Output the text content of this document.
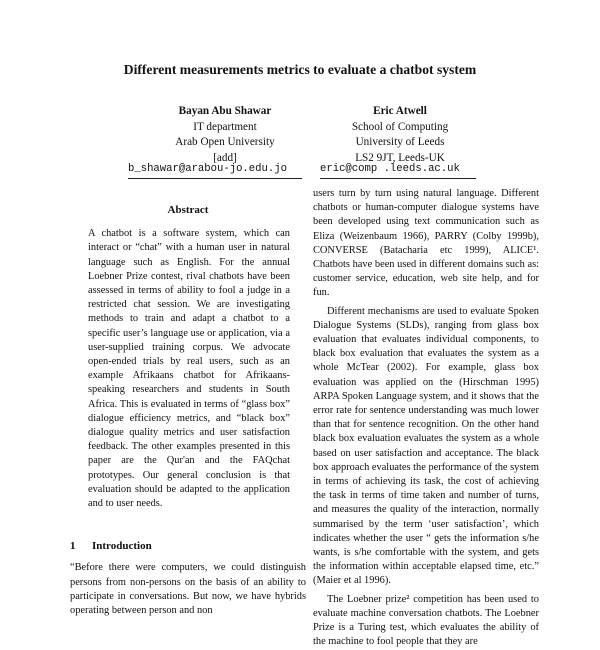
Different measurements metrics to evaluate a chatbot system
Bayan Abu Shawar
IT department
Arab Open University
[add]
Eric Atwell
School of Computing
University of Leeds
LS2 9JT, Leeds-UK
b_shawar@arabou-jo.edu.jo	eric@comp .leeds.ac.uk
Abstract

A chatbot is a software system, which can interact or “chat” with a human user in natural language such as English. For the annual Loebner Prize contest, rival chatbots have been assessed in terms of ability to fool a judge in a restricted chat session. We are investigating methods to train and adapt a chatbot to a specific user’s language use or application, via a user-supplied training corpus. We advocate open-ended trials by real users, such as an example Afrikaans chatbot for Afrikaans-speaking researchers and students in South Africa. This is evaluated in terms of “glass box” dialogue efficiency metrics, and “black box” dialogue quality metrics and user satisfaction feedback. The other examples presented in this paper are the Qur'an and the FAQchat prototypes. Our general conclusion is that evaluation should be adapted to the application and to user needs.

1 Introduction

“Before there were computers, we could distinguish persons from non-persons on the basis of an ability to participate in conversations. But now, we have hybrids operating between person and non

users turn by turn using natural language. Different chatbots or human-computer dialogue systems have been developed using text communication such as Eliza (Weizenbaum 1966), PARRY (Colby 1999b), CONVERSE (Batacharia etc 1999), ALICE¹. Chatbots have been used in different domains such as: customer service, education, web site help, and for fun.

Different mechanisms are used to evaluate Spoken Dialogue Systems (SLDs), ranging from glass box evaluation that evaluates individual components, to black box evaluation that evaluates the system as a whole McTear (2002). For example, glass box evaluation was applied on the (Hirschman 1995) ARPA Spoken Language system, and it shows that the error rate for sentence understanding was much lower than that for sentence recognition. On the other hand black box evaluation evaluates the system as a whole based on user satisfaction and acceptance. The black box approach evaluates the performance of the system in terms of achieving its task, the cost of achieving the task in terms of time taken and number of turns, and measures the quality of the interaction, normally summarised by the term ‘user satisfaction’, which indicates whether the user “ gets the information s/he wants, is s/he comfortable with the system, and gets the information within acceptable elapsed time, etc.” (Maier et al 1996).

The Loebner prize² competition has been used to evaluate machine conversation chatbots. The Loebner Prize is a Turing test, which evaluates the ability of the machine to fool people that they are
